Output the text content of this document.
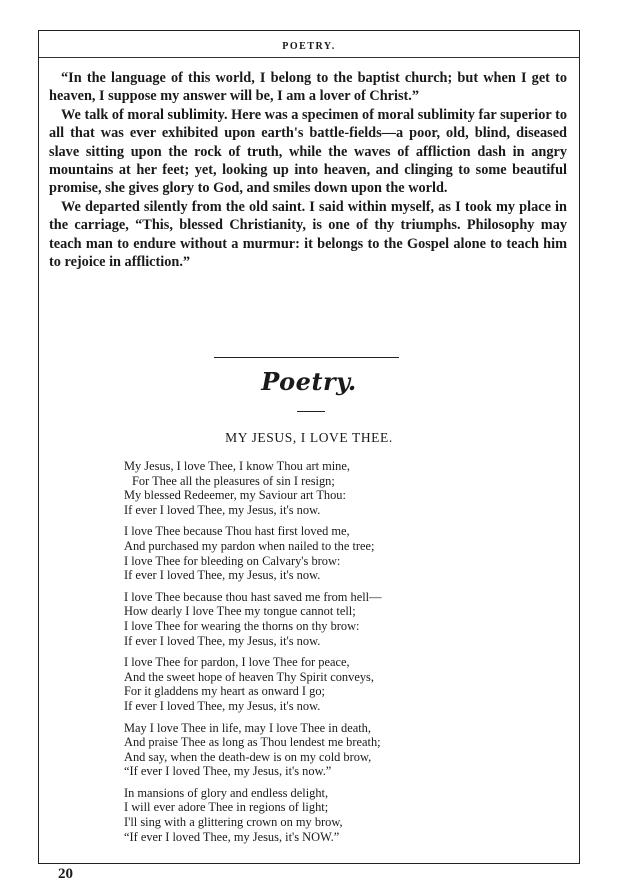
POETRY.

“In the language of this world, I belong to the baptist church; but when I get to heaven, I suppose my answer will be, I am a lover of Christ.”

We talk of moral sublimity. Here was a specimen of moral sublimity far superior to all that was ever exhibited upon earth's battle-fields—a poor, old, blind, diseased slave sitting upon the rock of truth, while the waves of affliction dash in angry mountains at her feet; yet, looking up into heaven, and clinging to some beautiful promise, she gives glory to God, and smiles down upon the world.

We departed silently from the old saint. I said within myself, as I took my place in the carriage, “This, blessed Christianity, is one of thy triumphs. Philosophy may teach man to endure without a murmur: it belongs to the Gospel alone to teach him to rejoice in affliction.”

Poetry.
MY JESUS, I LOVE THEE.
My Jesus, I love Thee, I know Thou art mine,
For Thee all the pleasures of sin I resign;
My blessed Redeemer, my Saviour art Thou:
If ever I loved Thee, my Jesus, it's now.
I love Thee because Thou hast first loved me,
And purchased my pardon when nailed to the tree;
I love Thee for bleeding on Calvary's brow:
If ever I loved Thee, my Jesus, it's now.
I love Thee because thou hast saved me from hell—
How dearly I love Thee my tongue cannot tell;
I love Thee for wearing the thorns on thy brow:
If ever I loved Thee, my Jesus, it's now.
I love Thee for pardon, I love Thee for peace,
And the sweet hope of heaven Thy Spirit conveys,
For it gladdens my heart as onward I go;
If ever I loved Thee, my Jesus, it's now.
May I love Thee in life, may I love Thee in death,
And praise Thee as long as Thou lendest me breath;
And say, when the death-dew is on my cold brow,
“If ever I loved Thee, my Jesus, it's now.”
In mansions of glory and endless delight,
I will ever adore Thee in regions of light;
I'll sing with a glittering crown on my brow,
“If ever I loved Thee, my Jesus, it's NOW.”
20
